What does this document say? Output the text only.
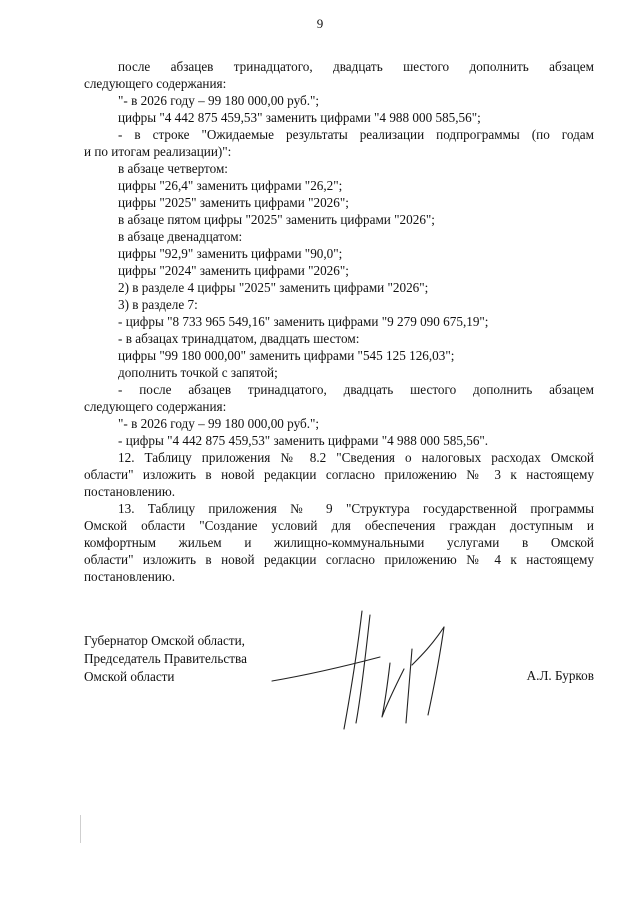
9
после абзацев тринадцатого, двадцать шестого дополнить абзацем
следующего содержания:
"- в 2026 году – 99 180 000,00 руб.";
цифры "4 442 875 459,53" заменить цифрами "4 988 000 585,56";
- в строке "Ожидаемые результаты реализации подпрограммы (по годам
и по итогам реализации)":
в абзаце четвертом:
цифры "26,4" заменить цифрами "26,2";
цифры "2025" заменить цифрами "2026";
в абзаце пятом цифры "2025" заменить цифрами "2026";
в абзаце двенадцатом:
цифры "92,9" заменить цифрами "90,0";
цифры "2024" заменить цифрами "2026";
2) в разделе 4 цифры "2025" заменить цифрами "2026";
3) в разделе 7:
- цифры "8 733 965 549,16" заменить цифрами "9 279 090 675,19";
- в абзацах тринадцатом, двадцать шестом:
цифры "99 180 000,00" заменить цифрами "545 125 126,03";
дополнить точкой с запятой;
- после абзацев тринадцатого, двадцать шестого дополнить абзацем
следующего содержания:
"- в 2026 году – 99 180 000,00 руб.";
- цифры "4 442 875 459,53" заменить цифрами "4 988 000 585,56".
12. Таблицу приложения № 8.2 "Сведения о налоговых расходах Омской
области" изложить в новой редакции согласно приложению № 3 к настоящему
постановлению.
13. Таблицу приложения № 9 "Структура государственной программы
Омской области "Создание условий для обеспечения граждан доступным и
комфортным жильем и жилищно-коммунальными услугами в Омской
области" изложить в новой редакции согласно приложению № 4 к настоящему
постановлению.
Губернатор Омской области,
Председатель Правительства
Омской области	А.Л. Бурков
